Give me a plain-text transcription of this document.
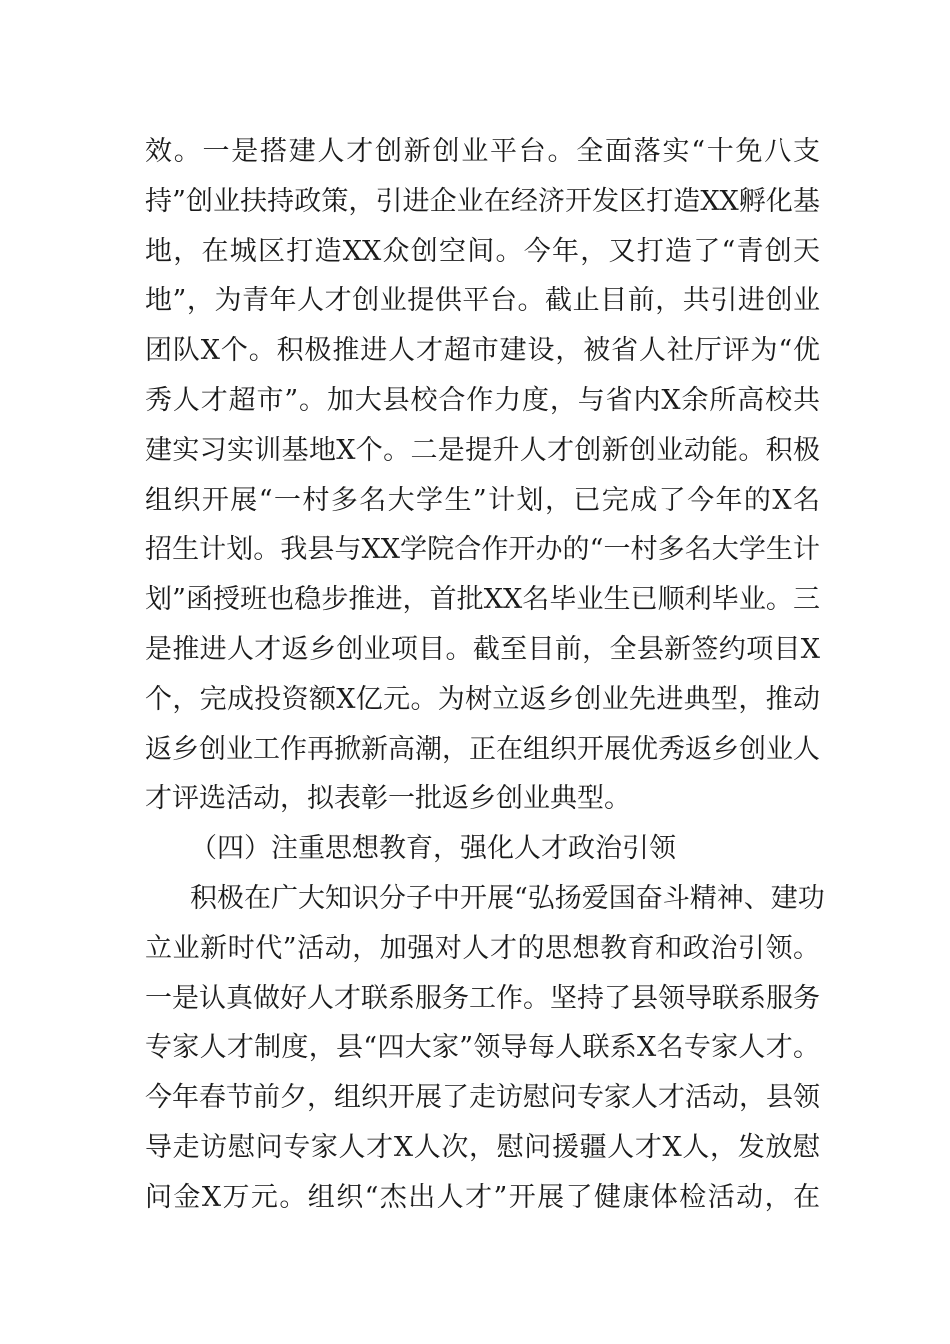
效。一是搭建人才创新创业平台。全面落实“十免八支
持”创业扶持政策，引进企业在经济开发区打造XX孵化基
地，在城区打造XX众创空间。今年，又打造了“青创天
地”，为青年人才创业提供平台。截止目前，共引进创业
团队X个。积极推进人才超市建设，被省人社厅评为“优
秀人才超市”。加大县校合作力度，与省内X余所高校共
建实习实训基地X个。二是提升人才创新创业动能。积极
组织开展“一村多名大学生”计划，已完成了今年的X名
招生计划。我县与XX学院合作开办的“一村多名大学生计
划”函授班也稳步推进，首批XX名毕业生已顺利毕业。三
是推进人才返乡创业项目。截至目前，全县新签约项目X
个，完成投资额X亿元。为树立返乡创业先进典型，推动
返乡创业工作再掀新高潮，正在组织开展优秀返乡创业人
才评选活动，拟表彰一批返乡创业典型。
（四）注重思想教育，强化人才政治引领
积极在广大知识分子中开展“弘扬爱国奋斗精神、建功
立业新时代”活动，加强对人才的思想教育和政治引领。
一是认真做好人才联系服务工作。坚持了县领导联系服务
专家人才制度，县“四大家”领导每人联系X名专家人才。
今年春节前夕，组织开展了走访慰问专家人才活动，县领
导走访慰问专家人才X人次，慰问援疆人才X人，发放慰
问金X万元。组织“杰出人才”开展了健康体检活动，在
